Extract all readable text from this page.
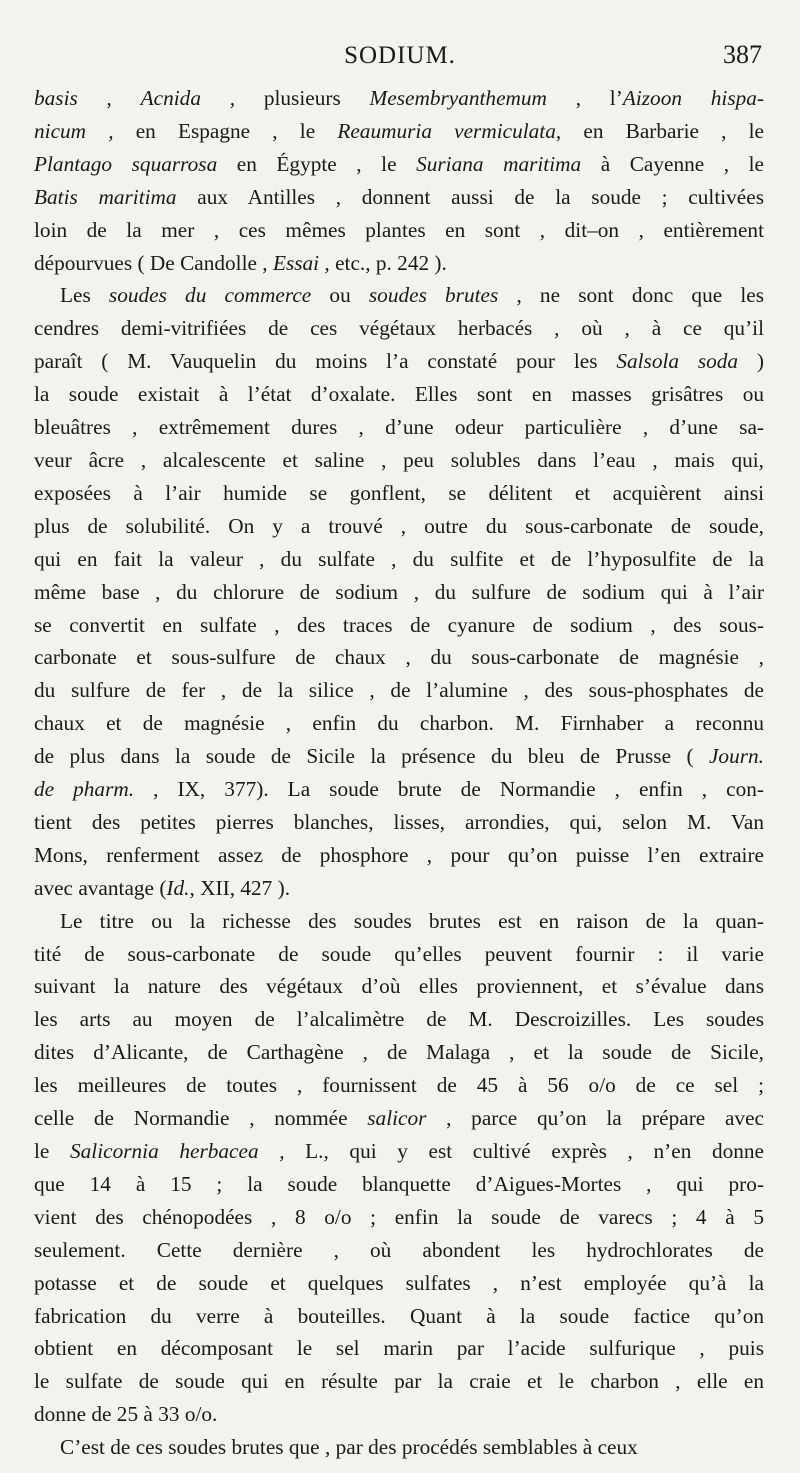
SODIUM.	387

basis , Acnida , plusieurs Mesembryanthemum , l’Aizoon hispa-
nicum , en Espagne , le Reaumuria vermiculata, en Barbarie , le
Plantago squarrosa en Égypte , le Suriana maritima à Cayenne , le
Batis maritima aux Antilles , donnent aussi de la soude ; cultivées
loin de la mer , ces mêmes plantes en sont , dit–on , entièrement
dépourvues ( De Candolle , Essai , etc., p. 242 ).

Les soudes du commerce ou soudes brutes , ne sont donc que les
cendres demi-vitrifiées de ces végétaux herbacés , où , à ce qu’il
paraît ( M. Vauquelin du moins l’a constaté pour les Salsola soda )
la soude existait à l’état d’oxalate. Elles sont en masses grisâtres ou
bleuâtres , extrêmement dures , d’une odeur particulière , d’une sa-
veur âcre , alcalescente et saline , peu solubles dans l’eau , mais qui,
exposées à l’air humide se gonflent, se délitent et acquièrent ainsi
plus de solubilité. On y a trouvé , outre du sous-carbonate de soude,
qui en fait la valeur , du sulfate , du sulfite et de l’hyposulfite de la
même base , du chlorure de sodium , du sulfure de sodium qui à l’air
se convertit en sulfate , des traces de cyanure de sodium , des sous-
carbonate et sous-sulfure de chaux , du sous-carbonate de magnésie ,
du sulfure de fer , de la silice , de l’alumine , des sous-phosphates de
chaux et de magnésie , enfin du charbon. M. Firnhaber a reconnu
de plus dans la soude de Sicile la présence du bleu de Prusse ( Journ.
de pharm. , IX, 377). La soude brute de Normandie , enfin , con-
tient des petites pierres blanches, lisses, arrondies, qui, selon M. Van
Mons, renferment assez de phosphore , pour qu’on puisse l’en extraire
avec avantage (Id., XII, 427 ).

Le titre ou la richesse des soudes brutes est en raison de la quan-
tité de sous-carbonate de soude qu’elles peuvent fournir : il varie
suivant la nature des végétaux d’où elles proviennent, et s’évalue dans
les arts au moyen de l’alcalimètre de M. Descroizilles. Les soudes
dites d’Alicante, de Carthagène , de Malaga , et la soude de Sicile,
les meilleures de toutes , fournissent de 45 à 56 o/o de ce sel ;
celle de Normandie , nommée salicor , parce qu’on la prépare avec
le Salicornia herbacea , L., qui y est cultivé exprès , n’en donne
que 14 à 15 ; la soude blanquette d’Aigues-Mortes , qui pro-
vient des chénopodées , 8 o/o ; enfin la soude de varecs ; 4 à 5
seulement. Cette dernière , où abondent les hydrochlorates de
potasse et de soude et quelques sulfates , n’est employée qu’à la
fabrication du verre à bouteilles. Quant à la soude factice qu’on
obtient en décomposant le sel marin par l’acide sulfurique , puis
le sulfate de soude qui en résulte par la craie et le charbon , elle en
donne de 25 à 33 o/o.

C’est de ces soudes brutes que , par des procédés semblables à ceux
